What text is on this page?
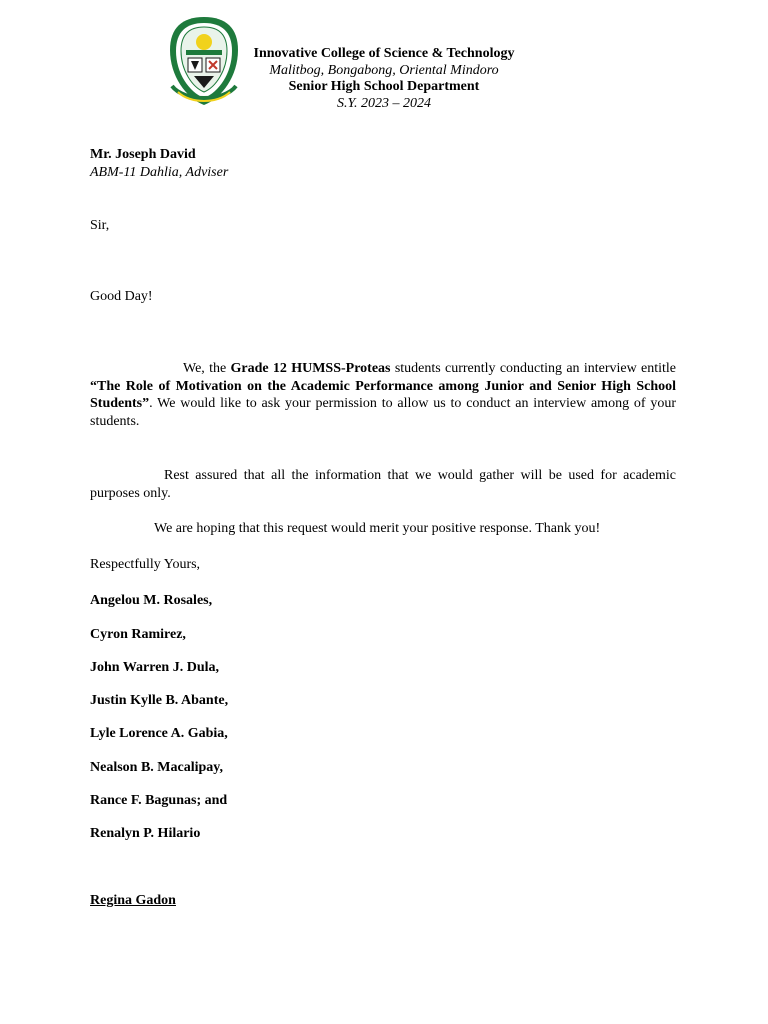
Innovative College of Science & Technology
Malitbog, Bongabong, Oriental Mindoro
Senior High School Department
S.Y. 2023 – 2024
Mr. Joseph David
ABM-11 Dahlia, Adviser
Sir,
Good Day!
We, the Grade 12 HUMSS-Proteas students currently conducting an interview entitle “The Role of Motivation on the Academic Performance among Junior and Senior High School Students”. We would like to ask your permission to allow us to conduct an interview among of your students.
Rest assured that all the information that we would gather will be used for academic purposes only.
We are hoping that this request would merit your positive response. Thank you!
Respectfully Yours,
Angelou M. Rosales,
Cyron Ramirez,
John Warren J. Dula,
Justin Kylle B. Abante,
Lyle Lorence A. Gabia,
Nealson B. Macalipay,
Rance F. Bagunas; and
Renalyn P. Hilario
Regina Gadon
